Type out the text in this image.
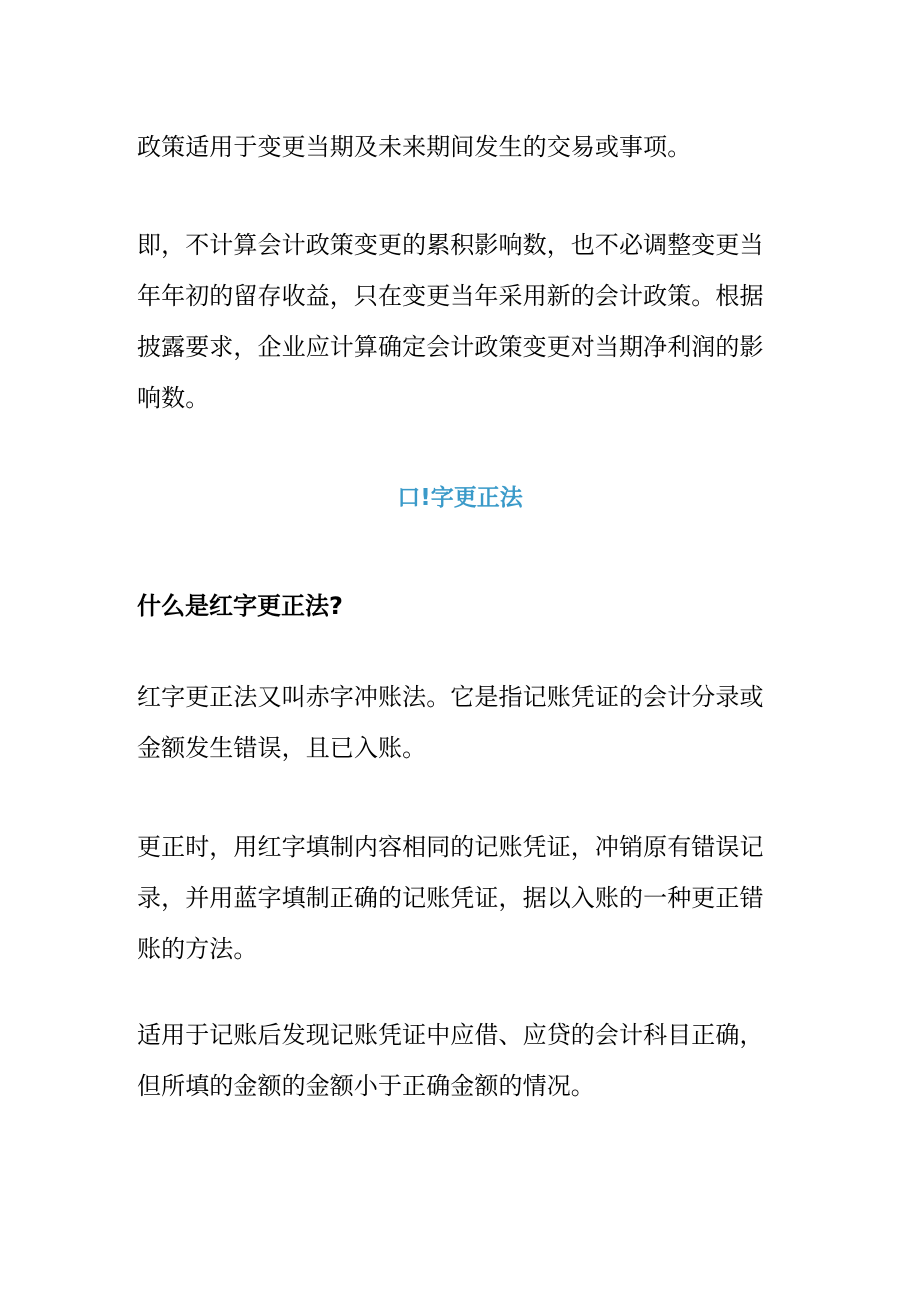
政策适用于变更当期及未来期间发生的交易或事项。

即，不计算会计政策变更的累积影响数，也不必调整变更当
年年初的留存收益，只在变更当年采用新的会计政策。根据
披露要求，企业应计算确定会计政策变更对当期净利润的影
响数。

口!字更正法
什么是红字更正法?

红字更正法又叫赤字冲账法。它是指记账凭证的会计分录或
金额发生错误，且已入账。

更正时，用红字填制内容相同的记账凭证，冲销原有错误记
录，并用蓝字填制正确的记账凭证，据以入账的一种更正错
账的方法。

适用于记账后发现记账凭证中应借、应贷的会计科目正确，
但所填的金额的金额小于正确金额的情况。
